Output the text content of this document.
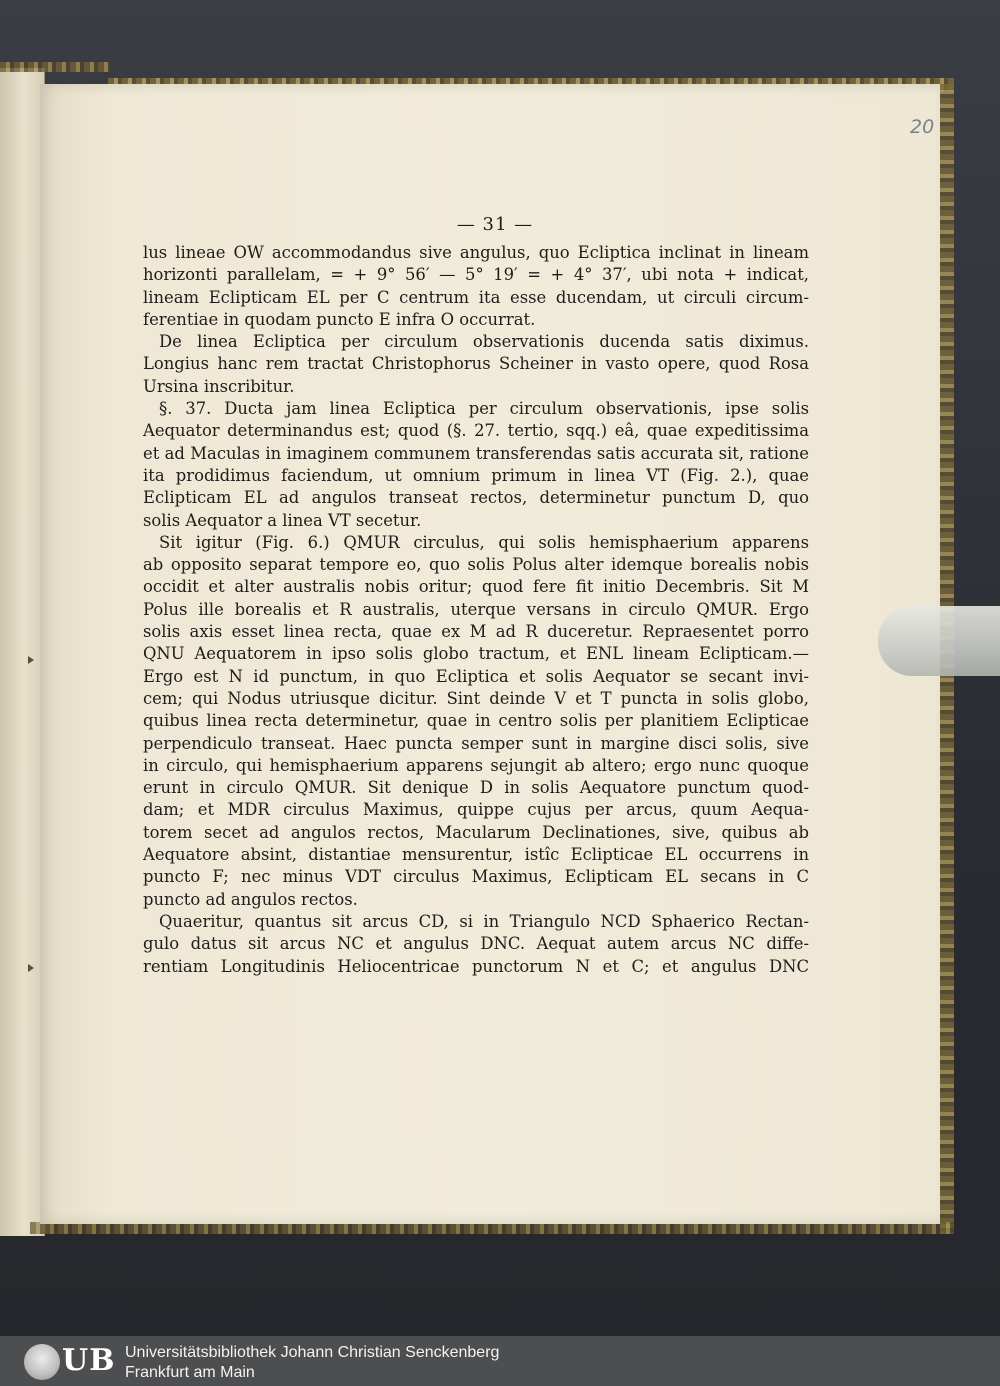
20
— 31 —
lus lineae OW accommodandus sive angulus, quo Ecliptica inclinat in lineam
horizonti parallelam, = + 9° 56′ — 5° 19′ = + 4° 37′, ubi nota + indicat,
lineam Eclipticam EL per C centrum ita esse ducendam, ut circuli circum-
ferentiae in quodam puncto E infra O occurrat.
De linea Ecliptica per circulum observationis ducenda satis diximus.
Longius hanc rem tractat Christophorus Scheiner in vasto opere, quod Rosa
Ursina inscribitur.
§. 37. Ducta jam linea Ecliptica per circulum observationis, ipse solis
Aequator determinandus est; quod (§. 27. tertio, sqq.) eâ, quae expeditissima
et ad Maculas in imaginem communem transferendas satis accurata sit, ratione
ita prodidimus faciendum, ut omnium primum in linea VT (Fig. 2.), quae
Eclipticam EL ad angulos transeat rectos, determinetur punctum D, quo
solis Aequator a linea VT secetur.
Sit igitur (Fig. 6.) QMUR circulus, qui solis hemisphaerium apparens
ab opposito separat tempore eo, quo solis Polus alter idemque borealis nobis
occidit et alter australis nobis oritur; quod fere fit initio Decembris. Sit M
Polus ille borealis et R australis, uterque versans in circulo QMUR. Ergo
solis axis esset linea recta, quae ex M ad R duceretur. Repraesentet porro
QNU Aequatorem in ipso solis globo tractum, et ENL lineam Eclipticam.—
Ergo est N id punctum, in quo Ecliptica et solis Aequator se secant invi-
cem; qui Nodus utriusque dicitur. Sint deinde V et T puncta in solis globo,
quibus linea recta determinetur, quae in centro solis per planitiem Eclipticae
perpendiculo transeat. Haec puncta semper sunt in margine disci solis, sive
in circulo, qui hemisphaerium apparens sejungit ab altero; ergo nunc quoque
erunt in circulo QMUR. Sit denique D in solis Aequatore punctum quod-
dam; et MDR circulus Maximus, quippe cujus per arcus, quum Aequa-
torem secet ad angulos rectos, Macularum Declinationes, sive, quibus ab
Aequatore absint, distantiae mensurentur, istîc Eclipticae EL occurrens in
puncto F; nec minus VDT circulus Maximus, Eclipticam EL secans in C
puncto ad angulos rectos.
Quaeritur, quantus sit arcus CD, si in Triangulo NCD Sphaerico Rectan-
gulo datus sit arcus NC et angulus DNC. Aequat autem arcus NC diffe-
rentiam Longitudinis Heliocentricae punctorum N et C; et angulus DNC
UB Universitätsbibliothek Johann Christian Senckenberg
Frankfurt am Main
